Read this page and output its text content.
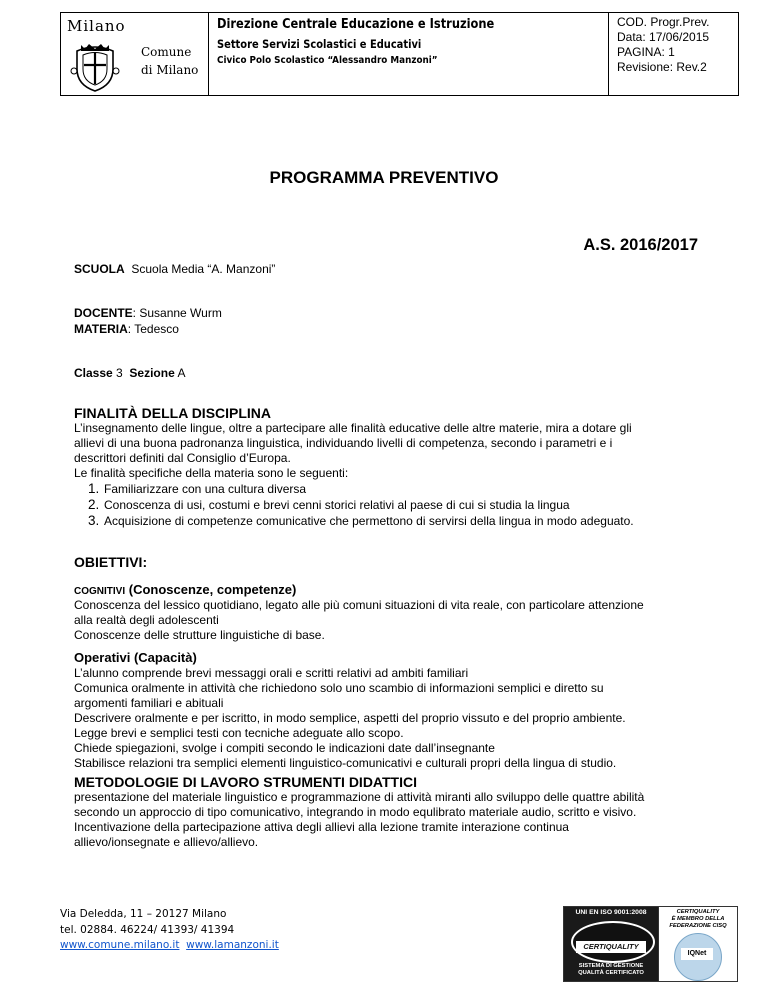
Milano
Comune
di Milano
Direzione Centrale Educazione e Istruzione
Settore Servizi Scolastici e Educativi
Civico Polo Scolastico “Alessandro Manzoni”
COD. Progr.Prev.
Data: 17/06/2015
PAGINA: 1
Revisione: Rev.2
PROGRAMMA PREVENTIVO
A.S. 2016/2017
SCUOLA Scuola Media “A. Manzoni”
DOCENTE: Susanne Wurm
MATERIA: Tedesco
Classe 3 Sezione A
FINALITÀ DELLA DISCIPLINA
L’insegnamento delle lingue, oltre a partecipare alle finalità educative delle altre materie, mira a dotare gli
allievi di una buona padronanza linguistica, individuando livelli di competenza, secondo i parametri e i
descrittori definiti dal Consiglio d’Europa.
Le finalità specifiche della materia sono le seguenti:
1. Familiarizzare con una cultura diversa
2. Conoscenza di usi, costumi e brevi cenni storici relativi al paese di cui si studia la lingua
3. Acquisizione di competenze comunicative che permettono di servirsi della lingua in modo adeguato.
OBIETTIVI:
COGNITIVI (Conoscenze, competenze)
Conoscenza del lessico quotidiano, legato alle più comuni situazioni di vita reale, con particolare attenzione
alla realtà degli adolescenti
Conoscenze delle strutture linguistiche di base.
Operativi (Capacità)
L’alunno comprende brevi messaggi orali e scritti relativi ad ambiti familiari
Comunica oralmente in attività che richiedono solo uno scambio di informazioni semplici e diretto su
argomenti familiari e abituali
Descrivere oralmente e per iscritto, in modo semplice, aspetti del proprio vissuto e del proprio ambiente.
Legge brevi e semplici testi con tecniche adeguate allo scopo.
Chiede spiegazioni, svolge i compiti secondo le indicazioni date dall’insegnante
Stabilisce relazioni tra semplici elementi linguistico-comunicativi e culturali propri della lingua di studio.
METODOLOGIE DI LAVORO STRUMENTI DIDATTICI
presentazione del materiale linguistico e programmazione di attività miranti allo sviluppo delle quattre abilità
secondo un approccio di tipo comunicativo, integrando in modo equlibrato materiale audio, scritto e visivo.
Incentivazione della partecipazione attiva degli allievi alla lezione tramite interazione continua
allievo/ionsegnate e allievo/allievo.
Via Deledda, 11 – 20127 Milano
tel. 02884. 46224/ 41393/ 41394
www.comune.milano.it www.lamanzoni.it
UNI EN ISO 9001:2008
CERTIQUALITY
SISTEMA DI GESTIONE
QUALITÀ CERTIFICATO
CERTIQUALITY
È MEMBRO DELLA
FEDERAZIONE CISQ
IQNet
